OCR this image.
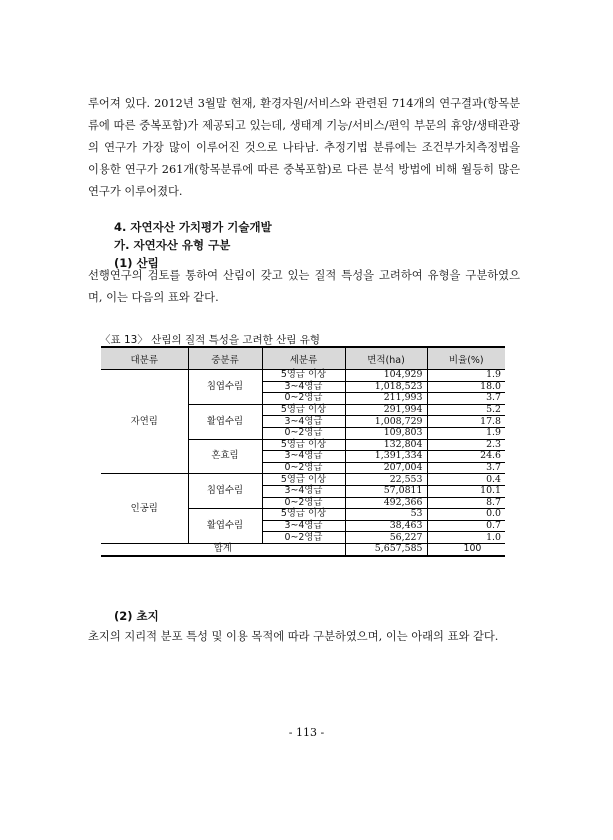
루어져 있다. 2012년 3월말 현재, 환경자원/서비스와 관련된 714개의 연구결과(항목분류에 따른 중복포함)가 제공되고 있는데, 생태계 기능/서비스/편익 부문의 휴양/생태관광의 연구가 가장 많이 이루어진 것으로 나타남. 추정기법 분류에는 조건부가치측정법을 이용한 연구가 261개(항목분류에 따른 중복포함)로 다른 분석 방법에 비해 월등히 많은 연구가 이루어졌다.
4. 자연자산 가치평가 기술개발
가. 자연자산 유형 구분
(1) 산림
선행연구의 검토를 통하여 산림이 갖고 있는 질적 특성을 고려하여 유형을 구분하였으며, 이는 다음의 표와 같다.
〈표 13〉 산림의 질적 특성을 고려한 산림 유형
대분류	중분류	세분류	면적(ha)	비율(%)
자연림	침엽수림	5영급 이상	104,929	1.9
		3~4영급	1,018,523	18.0
		0~2영급	211,993	3.7
	활엽수림	5영급 이상	291,994	5.2
		3~4영급	1,008,729	17.8
		0~2영급	109,803	1.9
	혼효림	5영급 이상	132,804	2.3
		3~4영급	1,391,334	24.6
		0~2영급	207,004	3.7
인공림	침엽수림	5영급 이상	22,553	0.4
		3~4영급	57,0811	10.1
		0~2영급	492,366	8.7
	활엽수림	5영급 이상	53	0.0
		3~4영급	38,463	0.7
		0~2영급	56,227	1.0
합계			5,657,585	100
(2) 초지
초지의 지리적 분포 특성 및 이용 목적에 따라 구분하였으며, 이는 아래의 표와 같다.
- 113 -
